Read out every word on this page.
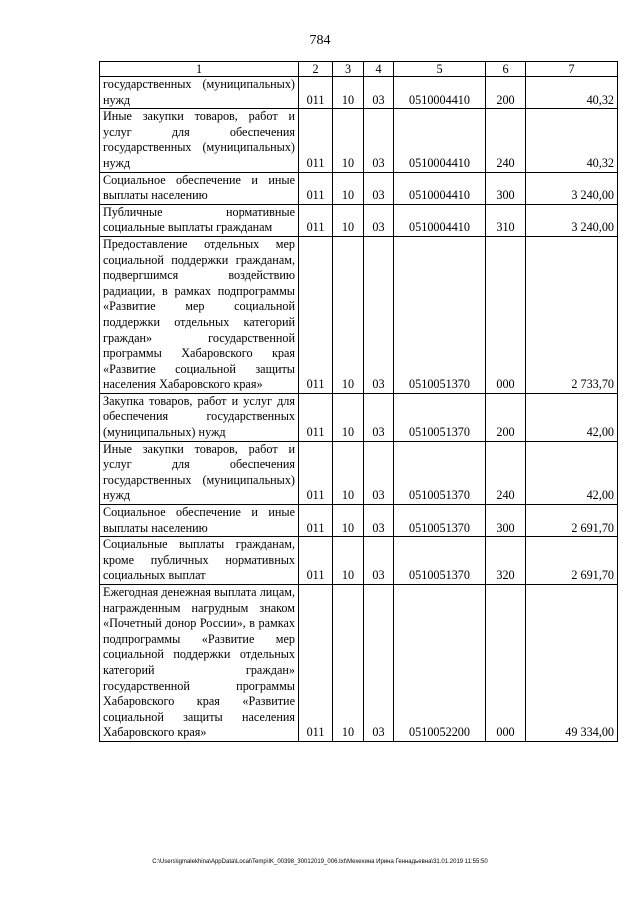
784
1	2	3	4	5	6	7
государственных (муниципальных) нужд	011	10	03	0510004410	200	40,32
Иные закупки товаров, работ и услуг для обеспечения государственных (муниципальных) нужд	011	10	03	0510004410	240	40,32
Социальное обеспечение и иные выплаты населению	011	10	03	0510004410	300	3 240,00
Публичные нормативные социальные выплаты гражданам	011	10	03	0510004410	310	3 240,00
Предоставление отдельных мер социальной поддержки гражданам, подвергшимся воздействию радиации, в рамках подпрограммы «Развитие мер социальной поддержки отдельных категорий граждан» государственной программы Хабаровского края «Развитие социальной защиты населения Хабаровского края»	011	10	03	0510051370	000	2 733,70
Закупка товаров, работ и услуг для обеспечения государственных (муниципальных) нужд	011	10	03	0510051370	200	42,00
Иные закупки товаров, работ и услуг для обеспечения государственных (муниципальных) нужд	011	10	03	0510051370	240	42,00
Социальное обеспечение и иные выплаты населению	011	10	03	0510051370	300	2 691,70
Социальные выплаты гражданам, кроме публичных нормативных социальных выплат	011	10	03	0510051370	320	2 691,70
Ежегодная денежная выплата лицам, награжденным нагрудным знаком «Почетный донор России», в рамках подпрограммы «Развитие мер социальной поддержки отдельных категорий граждан» государственной программы Хабаровского края «Развитие социальной защиты населения Хабаровского края»	011	10	03	0510052200	000	49 334,00
C:\Users\igmalekhina\AppData\Local\Temp\IK_00398_30012019_006.txt\Мехехина Ирина Геннадьевна\31.01.2019 11:55:50
